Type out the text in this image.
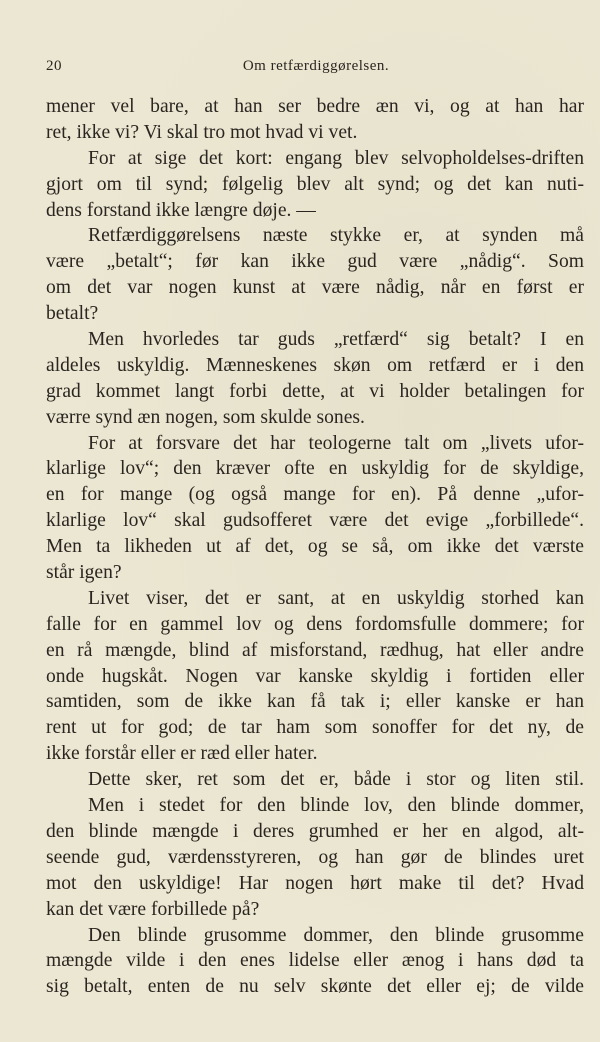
20	Om retfærdiggørelsen.
mener vel bare, at han ser bedre æn vi, og at han har
ret, ikke vi? Vi skal tro mot hvad vi vet.
For at sige det kort: engang blev selvopholdelses-driften
gjort om til synd; følgelig blev alt synd; og det kan nuti-
dens forstand ikke længre døje. —
Retfærdiggørelsens næste stykke er, at synden må
være „betalt“; før kan ikke gud være „nådig“. Som
om det var nogen kunst at være nådig, når en først er
betalt?
Men hvorledes tar guds „retfærd“ sig betalt? I en
aldeles uskyldig. Mænneskenes skøn om retfærd er i den
grad kommet langt forbi dette, at vi holder betalingen for
værre synd æn nogen, som skulde sones.
For at forsvare det har teologerne talt om „livets ufor-
klarlige lov“; den kræver ofte en uskyldig for de skyldige,
en for mange (og også mange for en). På denne „ufor-
klarlige lov“ skal gudsofferet være det evige „forbillede“.
Men ta likheden ut af det, og se så, om ikke det værste
står igen?
Livet viser, det er sant, at en uskyldig storhed kan
falle for en gammel lov og dens fordomsfulle dommere; for
en rå mængde, blind af misforstand, rædhug, hat eller andre
onde hugskåt. Nogen var kanske skyldig i fortiden eller
samtiden, som de ikke kan få tak i; eller kanske er han
rent ut for god; de tar ham som sonoffer for det ny, de
ikke forstår eller er ræd eller hater.
Dette sker, ret som det er, både i stor og liten stil.
Men i stedet for den blinde lov, den blinde dommer,
den blinde mængde i deres grumhed er her en algod, alt-
seende gud, værdensstyreren, og han gør de blindes uret
mot den uskyldige! Har nogen hørt make til det? Hvad
kan det være forbillede på?
Den blinde grusomme dommer, den blinde grusomme
mængde vilde i den enes lidelse eller ænog i hans død ta
sig betalt, enten de nu selv skønte det eller ej; de vilde
